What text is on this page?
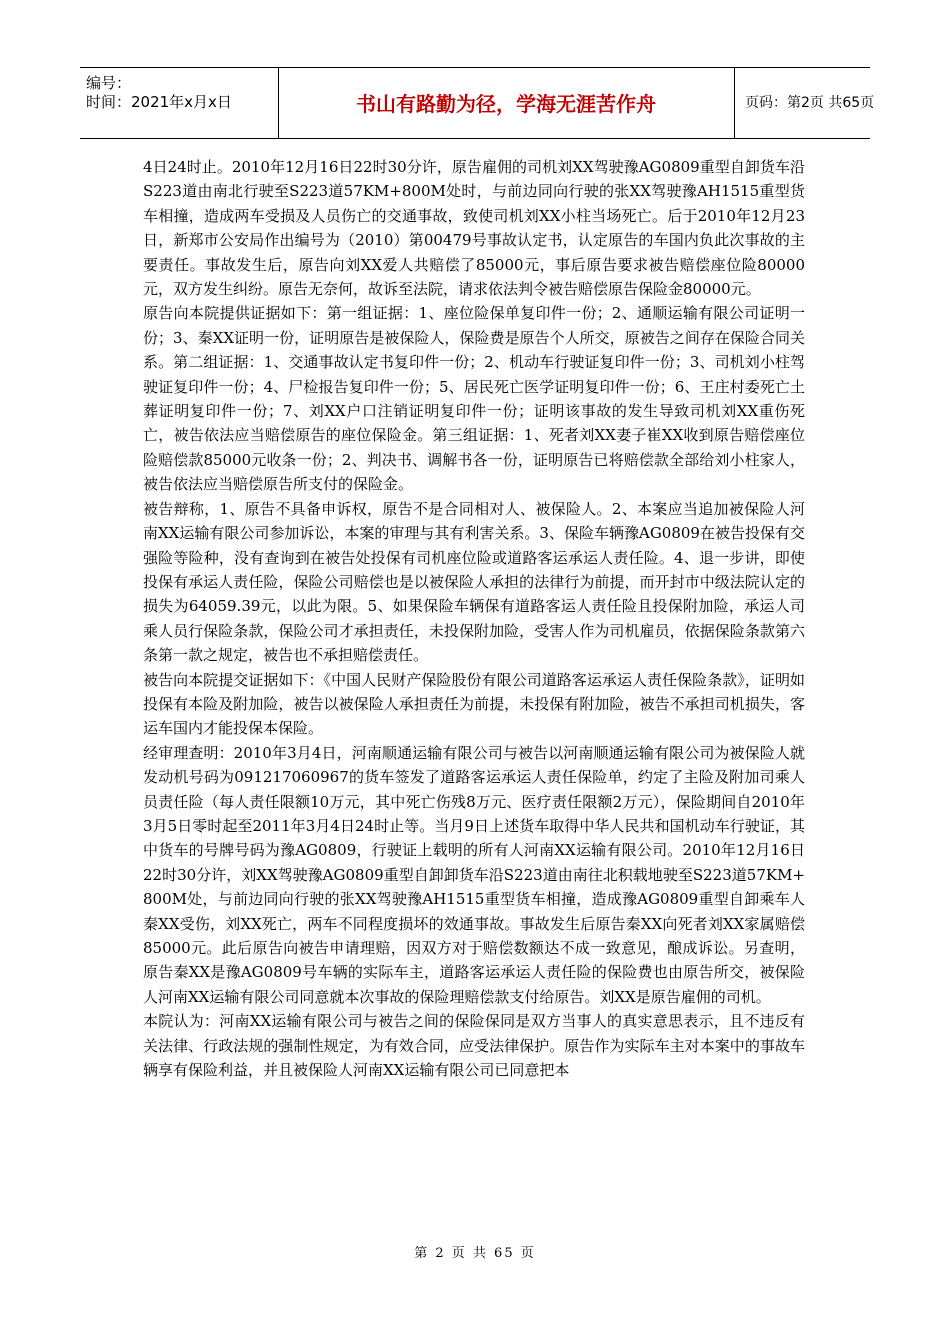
编号：
时间：2021年x月x日	书山有路勤为径，学海无涯苦作舟	页码：第2页 共65页

4日24时止。2010年12月16日22时30分许，原告雇佣的司机刘XX驾驶豫AG0809重型自卸货车沿S223道由南北行驶至S223道57KM+800M处时，与前边同向行驶的张XX驾驶豫AH1515重型货车相撞，造成两车受损及人员伤亡的交通事故，致使司机刘XX小柱当场死亡。后于2010年12月23日，新郑市公安局作出编号为（2010）第00479号事故认定书，认定原告的车国内负此次事故的主要责任。事故发生后，原告向刘XX爱人共赔偿了85000元，事后原告要求被告赔偿座位险80000元，双方发生纠纷。原告无奈何，故诉至法院，请求依法判令被告赔偿原告保险金80000元。

原告向本院提供证据如下：第一组证据：1、座位险保单复印件一份；2、通顺运输有限公司证明一份；3、秦XX证明一份，证明原告是被保险人，保险费是原告个人所交，原被告之间存在保险合同关系。第二组证据：1、交通事故认定书复印件一份；2、机动车行驶证复印件一份；3、司机刘小柱驾驶证复印件一份；4、尸检报告复印件一份；5、居民死亡医学证明复印件一份；6、王庄村委死亡土葬证明复印件一份；7、刘XX户口注销证明复印件一份；证明该事故的发生导致司机刘XX重伤死亡，被告依法应当赔偿原告的座位保险金。第三组证据：1、死者刘XX妻子崔XX收到原告赔偿座位险赔偿款85000元收条一份；2、判决书、调解书各一份，证明原告已将赔偿款全部给刘小柱家人，被告依法应当赔偿原告所支付的保险金。

被告辩称，1、原告不具备申诉权，原告不是合同相对人、被保险人。2、本案应当追加被保险人河南XX运输有限公司参加诉讼，本案的审理与其有利害关系。3、保险车辆豫AG0809在被告投保有交强险等险种，没有查询到在被告处投保有司机座位险或道路客运承运人责任险。4、退一步讲，即使投保有承运人责任险，保险公司赔偿也是以被保险人承担的法律行为前提，而开封市中级法院认定的损失为64059.39元，以此为限。5、如果保险车辆保有道路客运人责任险且投保附加险，承运人司乘人员行保险条款，保险公司才承担责任，未投保附加险，受害人作为司机雇员，依据保险条款第六条第一款之规定，被告也不承担赔偿责任。

被告向本院提交证据如下：《中国人民财产保险股份有限公司道路客运承运人责任保险条款》，证明如投保有本险及附加险，被告以被保险人承担责任为前提，未投保有附加险，被告不承担司机损失，客运车国内才能投保本保险。

经审理查明：2010年3月4日，河南顺通运输有限公司与被告以河南顺通运输有限公司为被保险人就发动机号码为091217060967的货车签发了道路客运承运人责任保险单，约定了主险及附加司乘人员责任险（每人责任限额10万元，其中死亡伤残8万元、医疗责任限额2万元），保险期间自2010年3月5日零时起至2011年3月4日24时止等。当月9日上述货车取得中华人民共和国机动车行驶证，其中货车的号牌号码为豫AG0809，行驶证上载明的所有人河南XX运输有限公司。2010年12月16日22时30分许，刘XX驾驶豫AG0809重型自卸卸货车沿S223道由南往北积载地驶至S223道57KM+800M处，与前边同向行驶的张XX驾驶豫AH1515重型货车相撞，造成豫AG0809重型自卸乘车人秦XX受伤，刘XX死亡，两车不同程度损坏的效通事故。事故发生后原告秦XX向死者刘XX家属赔偿85000元。此后原告向被告申请理赔，因双方对于赔偿数额达不成一致意见，酿成诉讼。另查明，原告秦XX是豫AG0809号车辆的实际车主，道路客运承运人责任险的保险费也由原告所交，被保险人河南XX运输有限公司同意就本次事故的保险理赔偿款支付给原告。刘XX是原告雇佣的司机。

本院认为：河南XX运输有限公司与被告之间的保险保同是双方当事人的真实意思表示，且不违反有关法律、行政法规的强制性规定，为有效合同，应受法律保护。原告作为实际车主对本案中的事故车辆享有保险利益，并且被保险人河南XX运输有限公司已同意把本

第 2 页 共 65 页
